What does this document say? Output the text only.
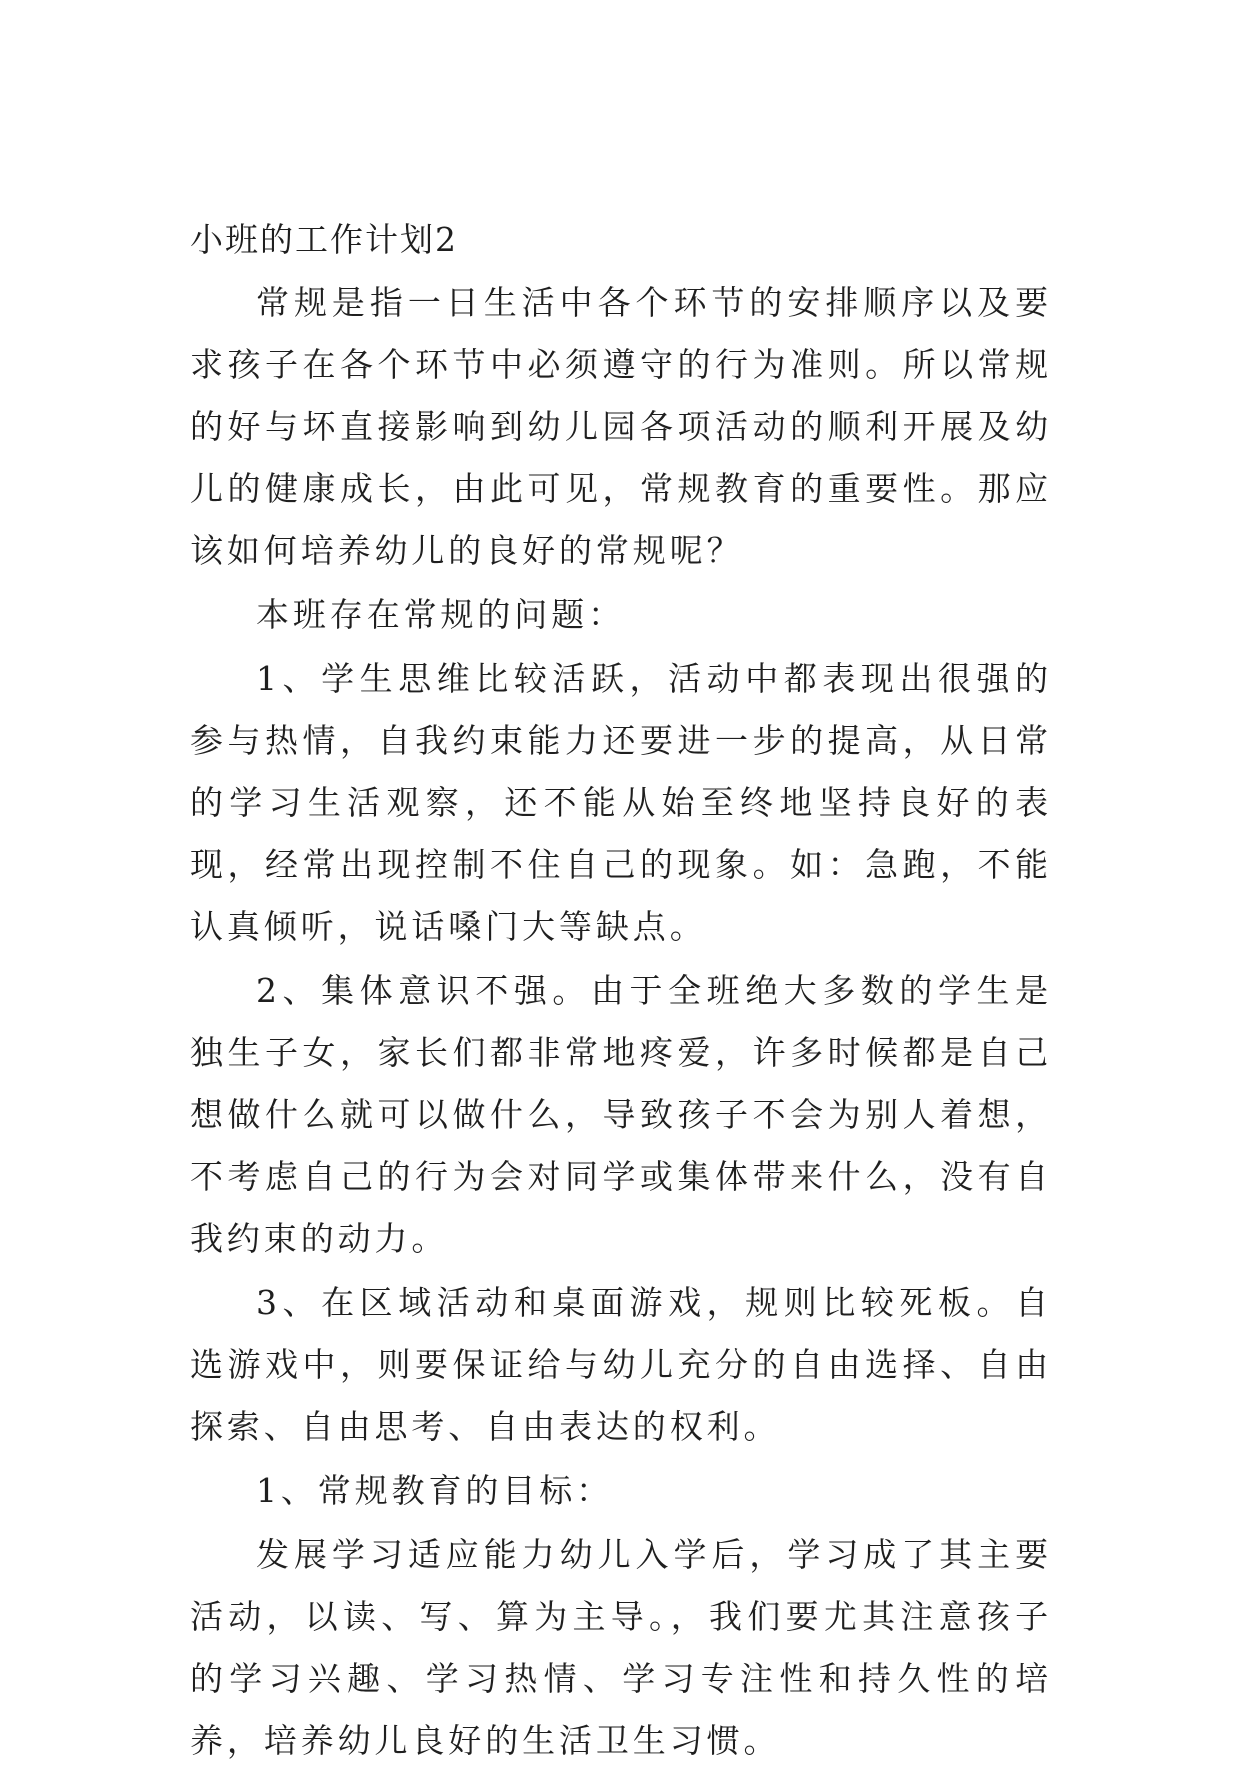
小班的工作计划2

常规是指一日生活中各个环节的安排顺序以及要求孩子在各个环节中必须遵守的行为准则。所以常规的好与坏直接影响到幼儿园各项活动的顺利开展及幼儿的健康成长，由此可见，常规教育的重要性。那应该如何培养幼儿的良好的常规呢？

本班存在常规的问题：

1、学生思维比较活跃，活动中都表现出很强的参与热情，自我约束能力还要进一步的提高，从日常的学习生活观察，还不能从始至终地坚持良好的表现，经常出现控制不住自己的现象。如：急跑，不能认真倾听，说话嗓门大等缺点。

2、集体意识不强。由于全班绝大多数的学生是独生子女，家长们都非常地疼爱，许多时候都是自己想做什么就可以做什么，导致孩子不会为别人着想，不考虑自己的行为会对同学或集体带来什么，没有自我约束的动力。

3、在区域活动和桌面游戏，规则比较死板。自选游戏中，则要保证给与幼儿充分的自由选择、自由探索、自由思考、自由表达的权利。

1、常规教育的目标：

发展学习适应能力幼儿入学后，学习成了其主要活动，以读、写、算为主导。，我们要尤其注意孩子的学习兴趣、学习热情、学习专注性和持久性的培养，培养幼儿良好的生活卫生习惯。
